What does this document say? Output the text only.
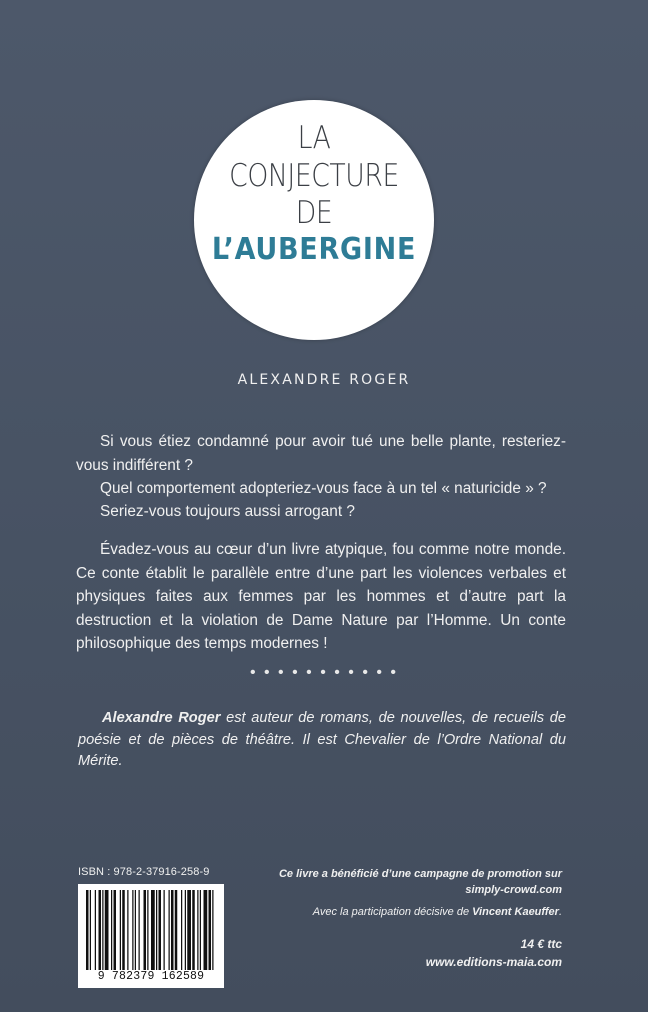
LA
CONJECTURE
DE
L’AUBERGINE
ALEXANDRE ROGER
Si vous étiez condamné pour avoir tué une belle plante, resteriez-vous indifférent ?
Quel comportement adopteriez-vous face à un tel « naturicide » ?
Seriez-vous toujours aussi arrogant ?
Évadez-vous au cœur d’un livre atypique, fou comme notre monde. Ce conte établit le parallèle entre d’une part les violences verbales et physiques faites aux femmes par les hommes et d’autre part la destruction et la violation de Dame Nature par l’Homme. Un conte philosophique des temps modernes !
• • • • • • • • • • •
Alexandre Roger est auteur de romans, de nouvelles, de recueils de poésie et de pièces de théâtre. Il est Chevalier de l’Ordre National du Mérite.
ISBN : 978-2-37916-258-9
9 782379 162589
Ce livre a bénéficié d’une campagne de promotion sur
simply-crowd.com
Avec la participation décisive de Vincent Kaeuffer.
14 € ttc
www.editions-maia.com
